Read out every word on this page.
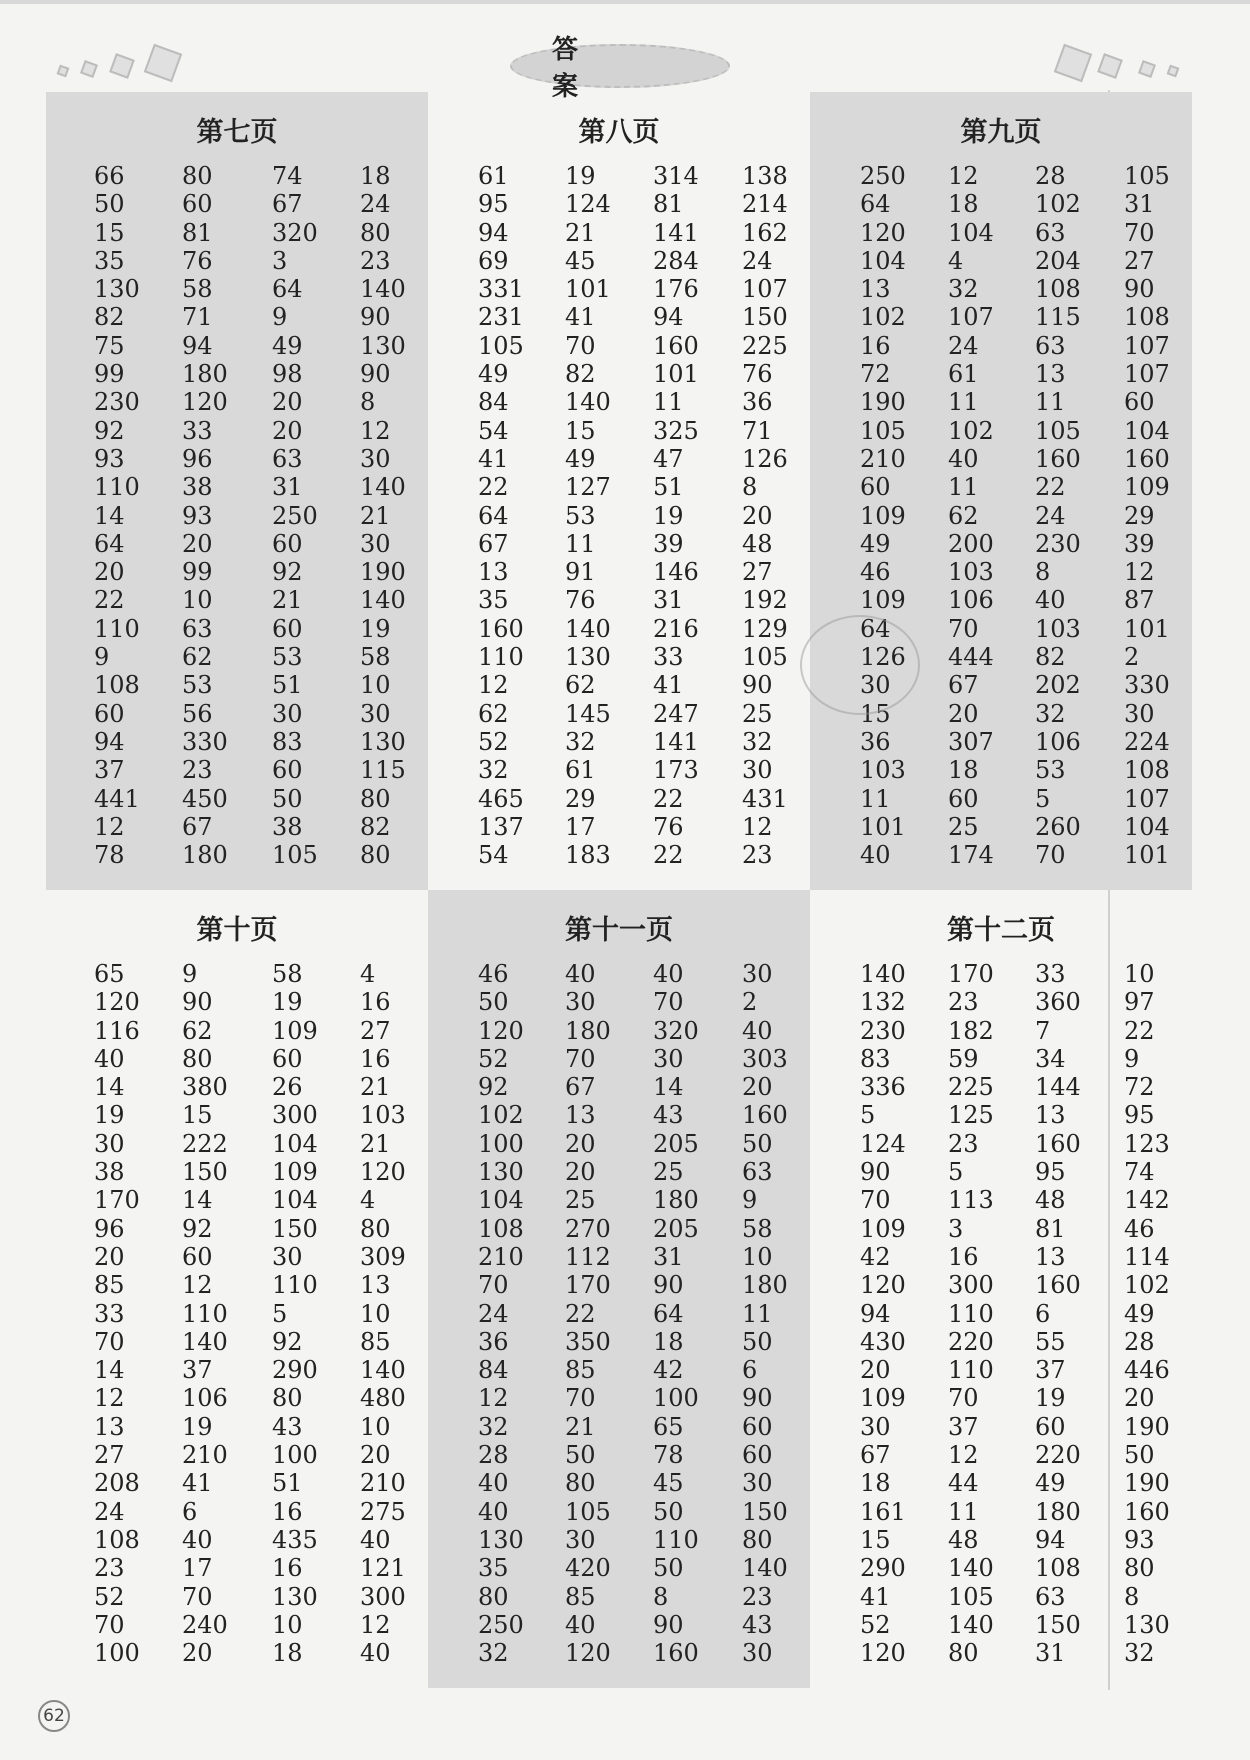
答 案
第七页
66
50
15
35
130
82
75
99
230
92
93
110
14
64
20
22
110
9
108
60
94
37
441
12
78
80
60
81
76
58
71
94
180
120
33
96
38
93
20
99
10
63
62
53
56
330
23
450
67
180
74
67
320
3
64
9
49
98
20
20
63
31
250
60
92
21
60
53
51
30
83
60
50
38
105
18
24
80
23
140
90
130
90
8
12
30
140
21
30
190
140
19
58
10
30
130
115
80
82
80
第八页
61
95
94
69
331
231
105
49
84
54
41
22
64
67
13
35
160
110
12
62
52
32
465
137
54
19
124
21
45
101
41
70
82
140
15
49
127
53
11
91
76
140
130
62
145
32
61
29
17
183
314
81
141
284
176
94
160
101
11
325
47
51
19
39
146
31
216
33
41
247
141
173
22
76
22
138
214
162
24
107
150
225
76
36
71
126
8
20
48
27
192
129
105
90
25
32
30
431
12
23
第九页
250
64
120
104
13
102
16
72
190
105
210
60
109
49
46
109
64
126
30
15
36
103
11
101
40
12
18
104
4
32
107
24
61
11
102
40
11
62
200
103
106
70
444
67
20
307
18
60
25
174
28
102
63
204
108
115
63
13
11
105
160
22
24
230
8
40
103
82
202
32
106
53
5
260
70
105
31
70
27
90
108
107
107
60
104
160
109
29
39
12
87
101
2
330
30
224
108
107
104
101
第十页
65
120
116
40
14
19
30
38
170
96
20
85
33
70
14
12
13
27
208
24
108
23
52
70
100
9
90
62
80
380
15
222
150
14
92
60
12
110
140
37
106
19
210
41
6
40
17
70
240
20
58
19
109
60
26
300
104
109
104
150
30
110
5
92
290
80
43
100
51
16
435
16
130
10
18
4
16
27
16
21
103
21
120
4
80
309
13
10
85
140
480
10
20
210
275
40
121
300
12
40
第十一页
46
50
120
52
92
102
100
130
104
108
210
70
24
36
84
12
32
28
40
40
130
35
80
250
32
40
30
180
70
67
13
20
20
25
270
112
170
22
350
85
70
21
50
80
105
30
420
85
40
120
40
70
320
30
14
43
205
25
180
205
31
90
64
18
42
100
65
78
45
50
110
50
8
90
160
30
2
40
303
20
160
50
63
9
58
10
180
11
50
6
90
60
60
30
150
80
140
23
43
30
第十二页
140
132
230
83
336
5
124
90
70
109
42
120
94
430
20
109
30
67
18
161
15
290
41
52
120
170
23
182
59
225
125
23
5
113
3
16
300
110
220
110
70
37
12
44
11
48
140
105
140
80
33
360
7
34
144
13
160
95
48
81
13
160
6
55
37
19
60
220
49
180
94
108
63
150
31
10
97
22
9
72
95
123
74
142
46
114
102
49
28
446
20
190
50
190
160
93
80
8
130
32
62
